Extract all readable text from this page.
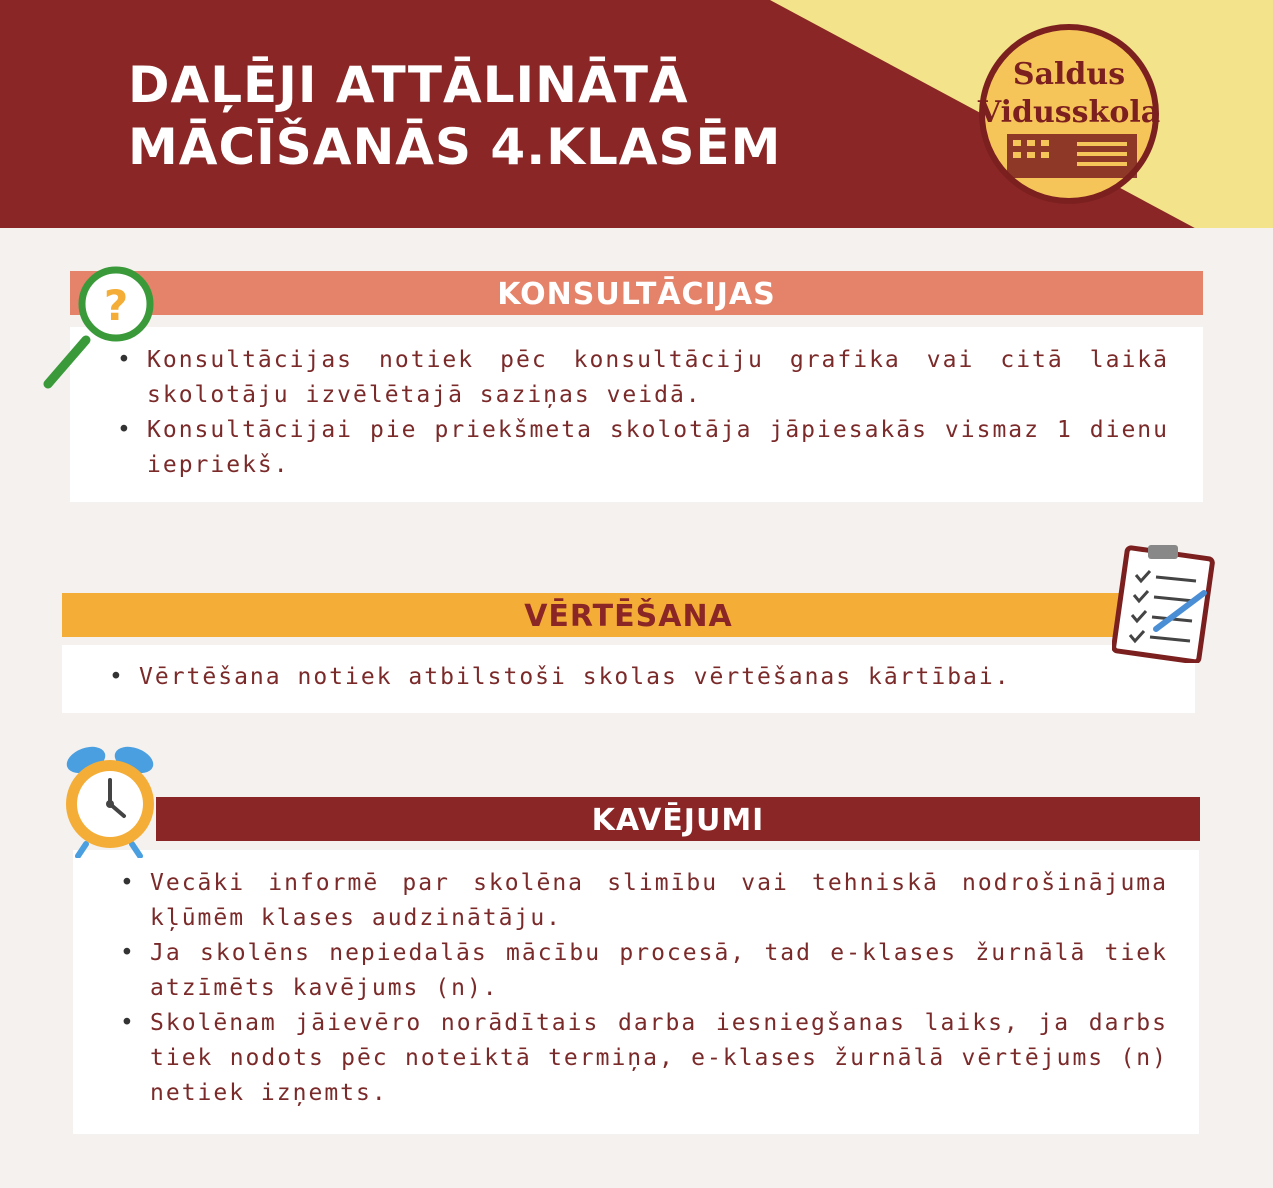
DAĻĒJI ATTĀLINĀTĀ
MĀCĪŠANĀS 4.KLASĒM
Saldus
Vidusskola
KONSULTĀCIJAS
• Konsultācijas notiek pēc konsultāciju grafika vai citā laikā skolotāju izvēlētajā saziņas veidā.
• Konsultācijai pie priekšmeta skolotāja jāpiesakās vismaz 1 dienu iepriekš.
?
VĒRTĒŠANA
• Vērtēšana notiek atbilstoši skolas vērtēšanas kārtībai.
KAVĒJUMI
• Vecāki informē par skolēna slimību vai tehniskā nodrošinājuma kļūmēm klases audzinātāju.
• Ja skolēns nepiedalās mācību procesā, tad e-klases žurnālā tiek atzīmēts kavējums (n).
• Skolēnam jāievēro norādītais darba iesniegšanas laiks, ja darbs tiek nodots pēc noteiktā termiņa, e-klases žurnālā vērtējums (n) netiek izņemts.
